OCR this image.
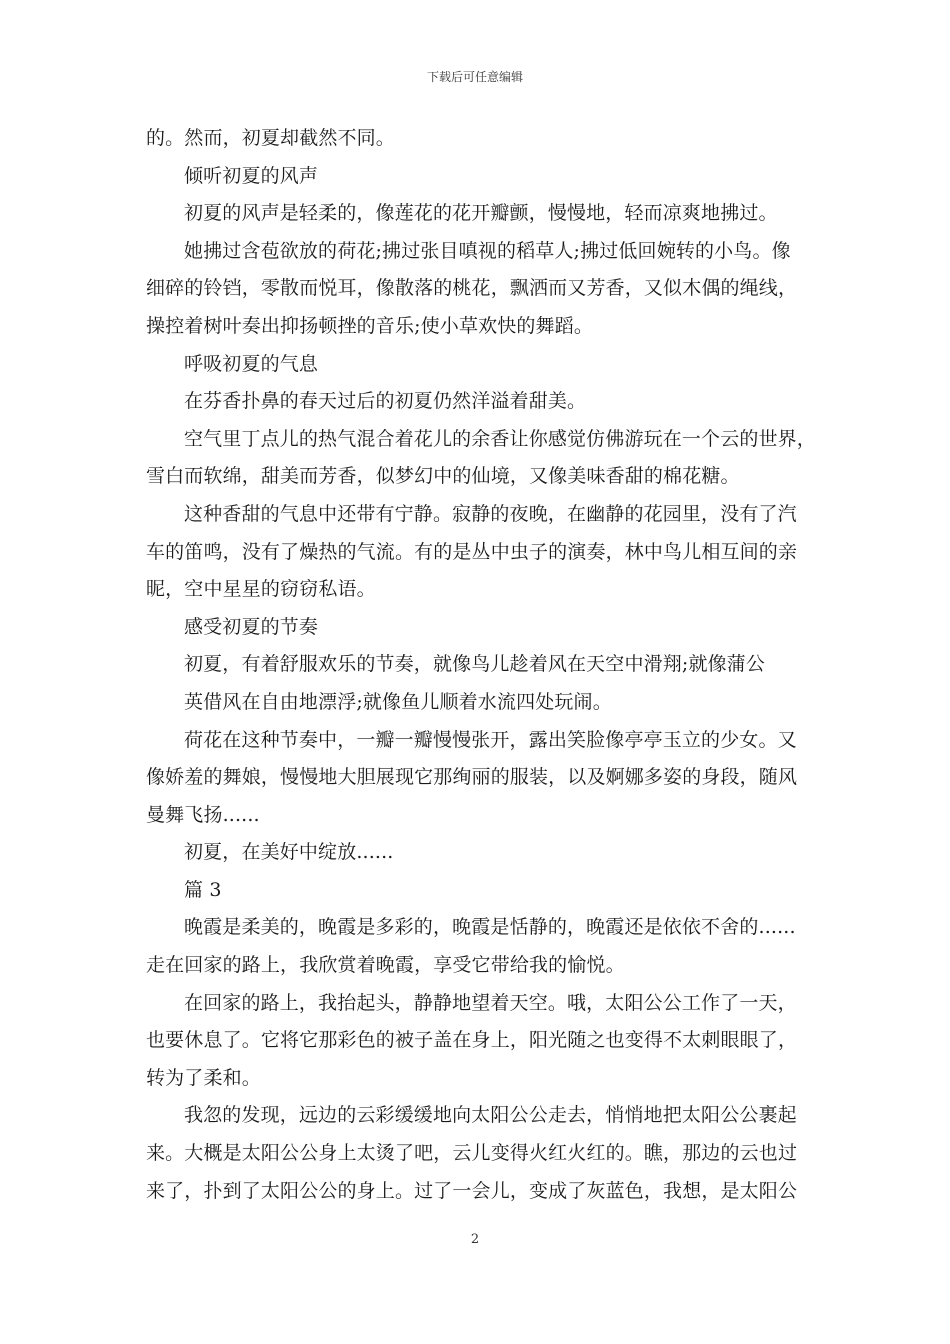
下载后可任意编辑

的。然而，初夏却截然不同。

倾听初夏的风声

初夏的风声是轻柔的，像莲花的花开瓣颤，慢慢地，轻而凉爽地拂过。

她拂过含苞欲放的荷花;拂过张目嗔视的稻草人;拂过低回婉转的小鸟。像

细碎的铃铛，零散而悦耳，像散落的桃花，飘洒而又芳香，又似木偶的绳线，

操控着树叶奏出抑扬顿挫的音乐;使小草欢快的舞蹈。

呼吸初夏的气息

在芬香扑鼻的春天过后的初夏仍然洋溢着甜美。

空气里丁点儿的热气混合着花儿的余香让你感觉仿佛游玩在一个云的世界，

雪白而软绵，甜美而芳香，似梦幻中的仙境，又像美味香甜的棉花糖。

这种香甜的气息中还带有宁静。寂静的夜晚，在幽静的花园里，没有了汽

车的笛鸣，没有了燥热的气流。有的是丛中虫子的演奏，林中鸟儿相互间的亲

昵，空中星星的窃窃私语。

感受初夏的节奏

初夏，有着舒服欢乐的节奏，就像鸟儿趁着风在天空中滑翔;就像蒲公

英借风在自由地漂浮;就像鱼儿顺着水流四处玩闹。

荷花在这种节奏中，一瓣一瓣慢慢张开，露出笑脸像亭亭玉立的少女。又

像娇羞的舞娘，慢慢地大胆展现它那绚丽的服装，以及婀娜多姿的身段，随风

曼舞飞扬......

初夏，在美好中绽放......

篇 3

晚霞是柔美的，晚霞是多彩的，晚霞是恬静的，晚霞还是依依不舍的......

走在回家的路上，我欣赏着晚霞，享受它带给我的愉悦。

在回家的路上，我抬起头，静静地望着天空。哦，太阳公公工作了一天，

也要休息了。它将它那彩色的被子盖在身上，阳光随之也变得不太刺眼眼了，

转为了柔和。

我忽的发现，远边的云彩缓缓地向太阳公公走去，悄悄地把太阳公公裹起

来。大概是太阳公公身上太烫了吧，云儿变得火红火红的。瞧，那边的云也过

来了，扑到了太阳公公的身上。过了一会儿，变成了灰蓝色，我想，是太阳公

2
